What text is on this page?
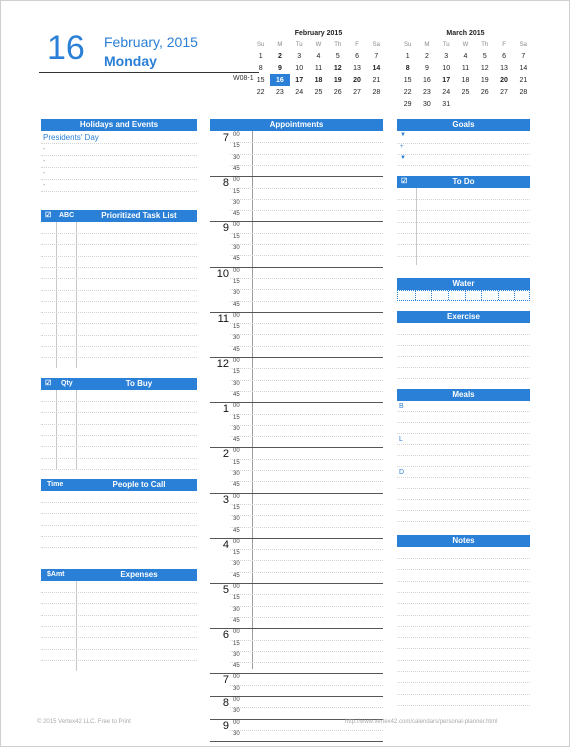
16 February, 2015
Monday
W08-1
February 2015
Su	M	Tu	W	Th	F	Sa
1	2	3	4	5	6	7
8	9	10	11	12	13	14
15	16	17	18	19	20	21
22	23	24	25	26	27	28
March 2015
Su	M	Tu	W	Th	F	Sa
1	2	3	4	5	6	7
8	9	10	11	12	13	14
15	16	17	18	19	20	21
22	23	24	25	26	27	28
29	30	31				
Holidays and Events
Presidents' Day
-
-
-
-
☑ ABC	Prioritized Task List
☑ Qty	To Buy
Time	People to Call
$Amt	Expenses
Appointments
7 00
15
30
45
8 00
15
30
45
9 00
15
30
45
10 00
15
30
45
11 00
15
30
45
12 00
15
30
45
1 00
15
30
45
2 00
15
30
45
3 00
15
30
45
4 00
15
30
45
5 00
15
30
45
6 00
15
30
45
7 00
30
8 00
30
9 00
30
Goals
▼
+
▼
☑	To Do
Water
Exercise
Meals
B
L
D
Notes
© 2015 Vertex42 LLC. Free to Print	http://www.vertex42.com/calendars/personal-planner.html
